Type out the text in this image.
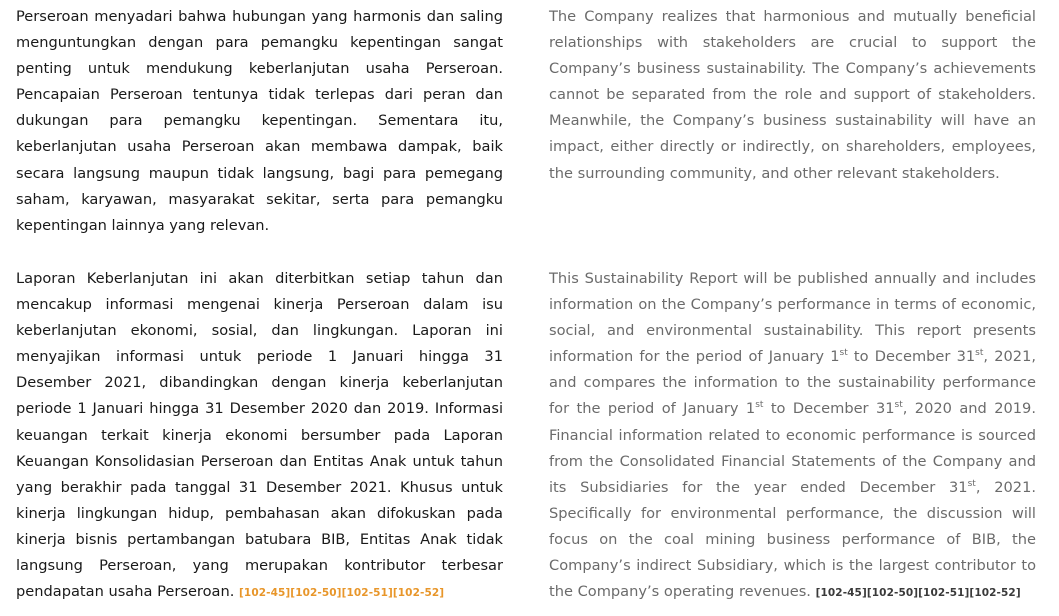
Perseroan menyadari bahwa hubungan yang harmonis dan saling menguntungkan dengan para pemangku kepentingan sangat penting untuk mendukung keberlanjutan usaha Perseroan. Pencapaian Perseroan tentunya tidak terlepas dari peran dan dukungan para pemangku kepentingan. Sementara itu, keberlanjutan usaha Perseroan akan membawa dampak, baik secara langsung maupun tidak langsung, bagi para pemegang saham, karyawan, masyarakat sekitar, serta para pemangku kepentingan lainnya yang relevan.

The Company realizes that harmonious and mutually beneficial relationships with stakeholders are crucial to support the Company’s business sustainability. The Company’s achievements cannot be separated from the role and support of stakeholders. Meanwhile, the Company’s business sustainability will have an impact, either directly or indirectly, on shareholders, employees, the surrounding community, and other relevant stakeholders.

Laporan Keberlanjutan ini akan diterbitkan setiap tahun dan mencakup informasi mengenai kinerja Perseroan dalam isu keberlanjutan ekonomi, sosial, dan lingkungan. Laporan ini menyajikan informasi untuk periode 1 Januari hingga 31 Desember 2021, dibandingkan dengan kinerja keberlanjutan periode 1 Januari hingga 31 Desember 2020 dan 2019. Informasi keuangan terkait kinerja ekonomi bersumber pada Laporan Keuangan Konsolidasian Perseroan dan Entitas Anak untuk tahun yang berakhir pada tanggal 31 Desember 2021. Khusus untuk kinerja lingkungan hidup, pembahasan akan difokuskan pada kinerja bisnis pertambangan batubara BIB, Entitas Anak tidak langsung Perseroan, yang merupakan kontributor terbesar pendapatan usaha Perseroan. [102-45][102-50][102-51][102-52]

This Sustainability Report will be published annually and includes information on the Company’s performance in terms of economic, social, and environmental sustainability. This report presents information for the period of January 1st to December 31st, 2021, and compares the information to the sustainability performance for the period of January 1st to December 31st, 2020 and 2019. Financial information related to economic performance is sourced from the Consolidated Financial Statements of the Company and its Subsidiaries for the year ended December 31st, 2021. Specifically for environmental performance, the discussion will focus on the coal mining business performance of BIB, the Company’s indirect Subsidiary, which is the largest contributor to the Company’s operating revenues. [102-45][102-50][102-51][102-52]
